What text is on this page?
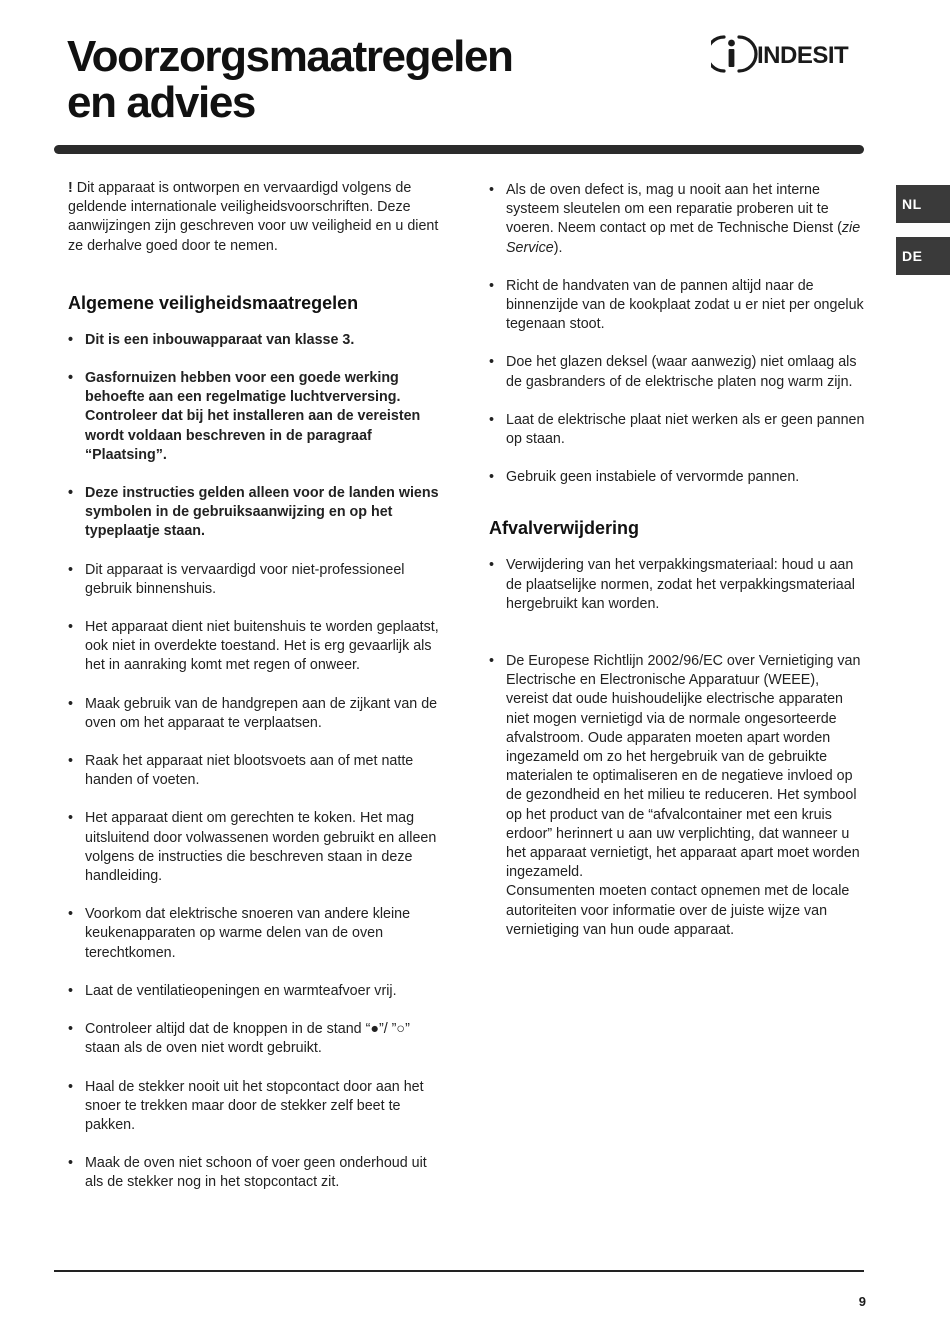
Voorzorgsmaatregelen
en advies
INDESIT
NL
DE

! Dit apparaat is ontworpen en vervaardigd volgens de geldende internationale veiligheidsvoorschriften. Deze aanwijzingen zijn geschreven voor uw veiligheid en u dient ze derhalve goed door te nemen.

Algemene veiligheidsmaatregelen
• Dit is een inbouwapparaat van klasse 3.
• Gasfornuizen hebben voor een goede werking behoefte aan een regelmatige luchtverversing. Controleer dat bij het installeren aan de vereisten wordt voldaan beschreven in de paragraaf “Plaatsing”.
• Deze instructies gelden alleen voor de landen wiens symbolen in de gebruiksaanwijzing en op het typeplaatje staan.
• Dit apparaat is vervaardigd voor niet-professioneel gebruik binnenshuis.
• Het apparaat dient niet buitenshuis te worden geplaatst, ook niet in overdekte toestand. Het is erg gevaarlijk als het in aanraking komt met regen of onweer.
• Maak gebruik van de handgrepen aan de zijkant van de oven om het apparaat te verplaatsen.
• Raak het apparaat niet blootsvoets aan of met natte handen of voeten.
• Het apparaat dient om gerechten te koken. Het mag uitsluitend door volwassenen worden gebruikt en alleen volgens de instructies die beschreven staan in deze handleiding.
• Voorkom dat elektrische snoeren van andere kleine keukenapparaten op warme delen van de oven terechtkomen.
• Laat de ventilatieopeningen en warmteafvoer vrij.
• Controleer altijd dat de knoppen in de stand “●”/ ”○” staan als de oven niet wordt gebruikt.
• Haal de stekker nooit uit het stopcontact door aan het snoer te trekken maar door de stekker zelf beet te pakken.
• Maak de oven niet schoon of voer geen onderhoud uit als de stekker nog in het stopcontact zit.
• Als de oven defect is, mag u nooit aan het interne systeem sleutelen om een reparatie proberen uit te voeren. Neem contact op met de Technische Dienst (zie Service).
• Richt de handvaten van de pannen altijd naar de binnenzijde van de kookplaat zodat u er niet per ongeluk tegenaan stoot.
• Doe het glazen deksel (waar aanwezig) niet omlaag als de gasbranders of de elektrische platen nog warm zijn.
• Laat de elektrische plaat niet werken als er geen pannen op staan.
• Gebruik geen instabiele of vervormde pannen.
Afvalverwijdering
• Verwijdering van het verpakkingsmateriaal: houd u aan de plaatselijke normen, zodat het verpakkingsmateriaal hergebruikt kan worden.
• De Europese Richtlijn 2002/96/EC over Vernietiging van Electrische en Electronische Apparatuur (WEEE), vereist dat oude huishoudelijke electrische apparaten niet mogen vernietigd via de normale ongesorteerde afvalstroom. Oude apparaten moeten apart worden ingezameld om zo het hergebruik van de gebruikte materialen te optimaliseren en de negatieve invloed op de gezondheid en het milieu te reduceren. Het symbool op het product van de “afvalcontainer met een kruis erdoor” herinnert u aan uw verplichting, dat wanneer u het apparaat vernietigt, het apparaat apart moet worden ingezameld.
Consumenten moeten contact opnemen met de locale autoriteiten voor informatie over de juiste wijze van vernietiging van hun oude apparaat.
9
